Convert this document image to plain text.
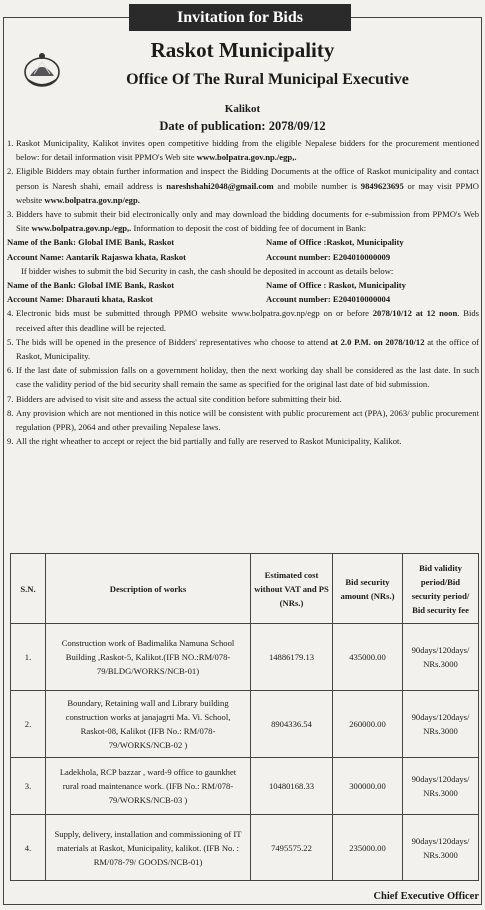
Invitation for Bids
Raskot Municipality
Office Of The Rural Municipal Executive
Kalikot
Date of publication: 2078/09/12
1. Raskot Municipality, Kalikot invites open competitive bidding from the eligible Nepalese bidders for the procurement mentioned below: for detail information visit PPMO's Web site www.bolpatra.gov.np./egp,.
2. Eligible Bidders may obtain further information and inspect the Bidding Documents at the office of Raskot municipality and contact person is Naresh shahi, email address is nareshshahi2048@gmail.com and mobile number is 9849623695 or may visit PPMO website www.bolpatra.gov.np/egp.
3. Bidders have to submit their bid electronically only and may download the bidding documents for e-submission from PPMO's Web Site www.bolpatra.gov.np./egp,. Information to deposit the cost of bidding fee of document in Bank:
Name of the Bank: Global IME Bank, Raskot	Name of Office :Raskot, Municipality
Account Name: Aantarik Rajaswa khata, Raskot	Account number: E204010000009
If bidder wishes to submit the bid Security in cash, the cash should be deposited in account as details below:
Name of the Bank: Global IME Bank, Raskot	Name of Office : Raskot, Municipality
Account Name: Dharauti khata, Raskot	Account number: E204010000004
4. Electronic bids must be submitted through PPMO website www.bolpatra.gov.np/egp on or before 2078/10/12 at 12 noon. Bids received after this deadline will be rejected.
5. The bids will be opened in the presence of Bidders' representatives who choose to attend at 2.0 P.M. on 2078/10/12 at the office of Raskot, Municipality.
6. If the last date of submission falls on a government holiday, then the next working day shall be considered as the last date. In such case the validity period of the bid security shall remain the same as specified for the original last date of bid submission.
7. Bidders are advised to visit site and assess the actual site condition before submitting their bid.
8. Any provision which are not mentioned in this notice will be consistent with public procurement act (PPA), 2063/ public procurement regulation (PPR), 2064 and other prevailing Nepalese laws.
9. All the right wheather to accept or reject the bid partially and fully are reserved to Raskot Municipality, Kalikot.
S.N.	Description of works	Estimated cost without VAT and PS (NRs.)	Bid security amount (NRs.)	Bid validity period/Bid security period/ Bid security fee
1.	Construction work of Badimalika Namuna School Building ,Raskot-5, Kalikot.(IFB NO.:RM/078-79/BLDG/WORKS/NCB-01)	14886179.13	435000.00	90days/120days/ NRs.3000
2.	Boundary, Retaining wall and Library building construction works at janajagrti Ma. Vi. School, Raskot-08, Kalikot (IFB No.: RM/078-79/WORKS/NCB-02 )	8904336.54	260000.00	90days/120days/ NRs.3000
3.	Ladekhola, RCP bazzar , ward-9 office to gaunkhet rural road maintenance work. (IFB No.: RM/078-79/WORKS/NCB-03 )	10480168.33	300000.00	90days/120days/ NRs.3000
4.	Supply, delivery, installation and commissioning of IT materials at Raskot, Municipality, kalikot. (IFB No. : RM/078-79/ GOODS/NCB-01)	7495575.22	235000.00	90days/120days/ NRs.3000
Chief Executive Officer
